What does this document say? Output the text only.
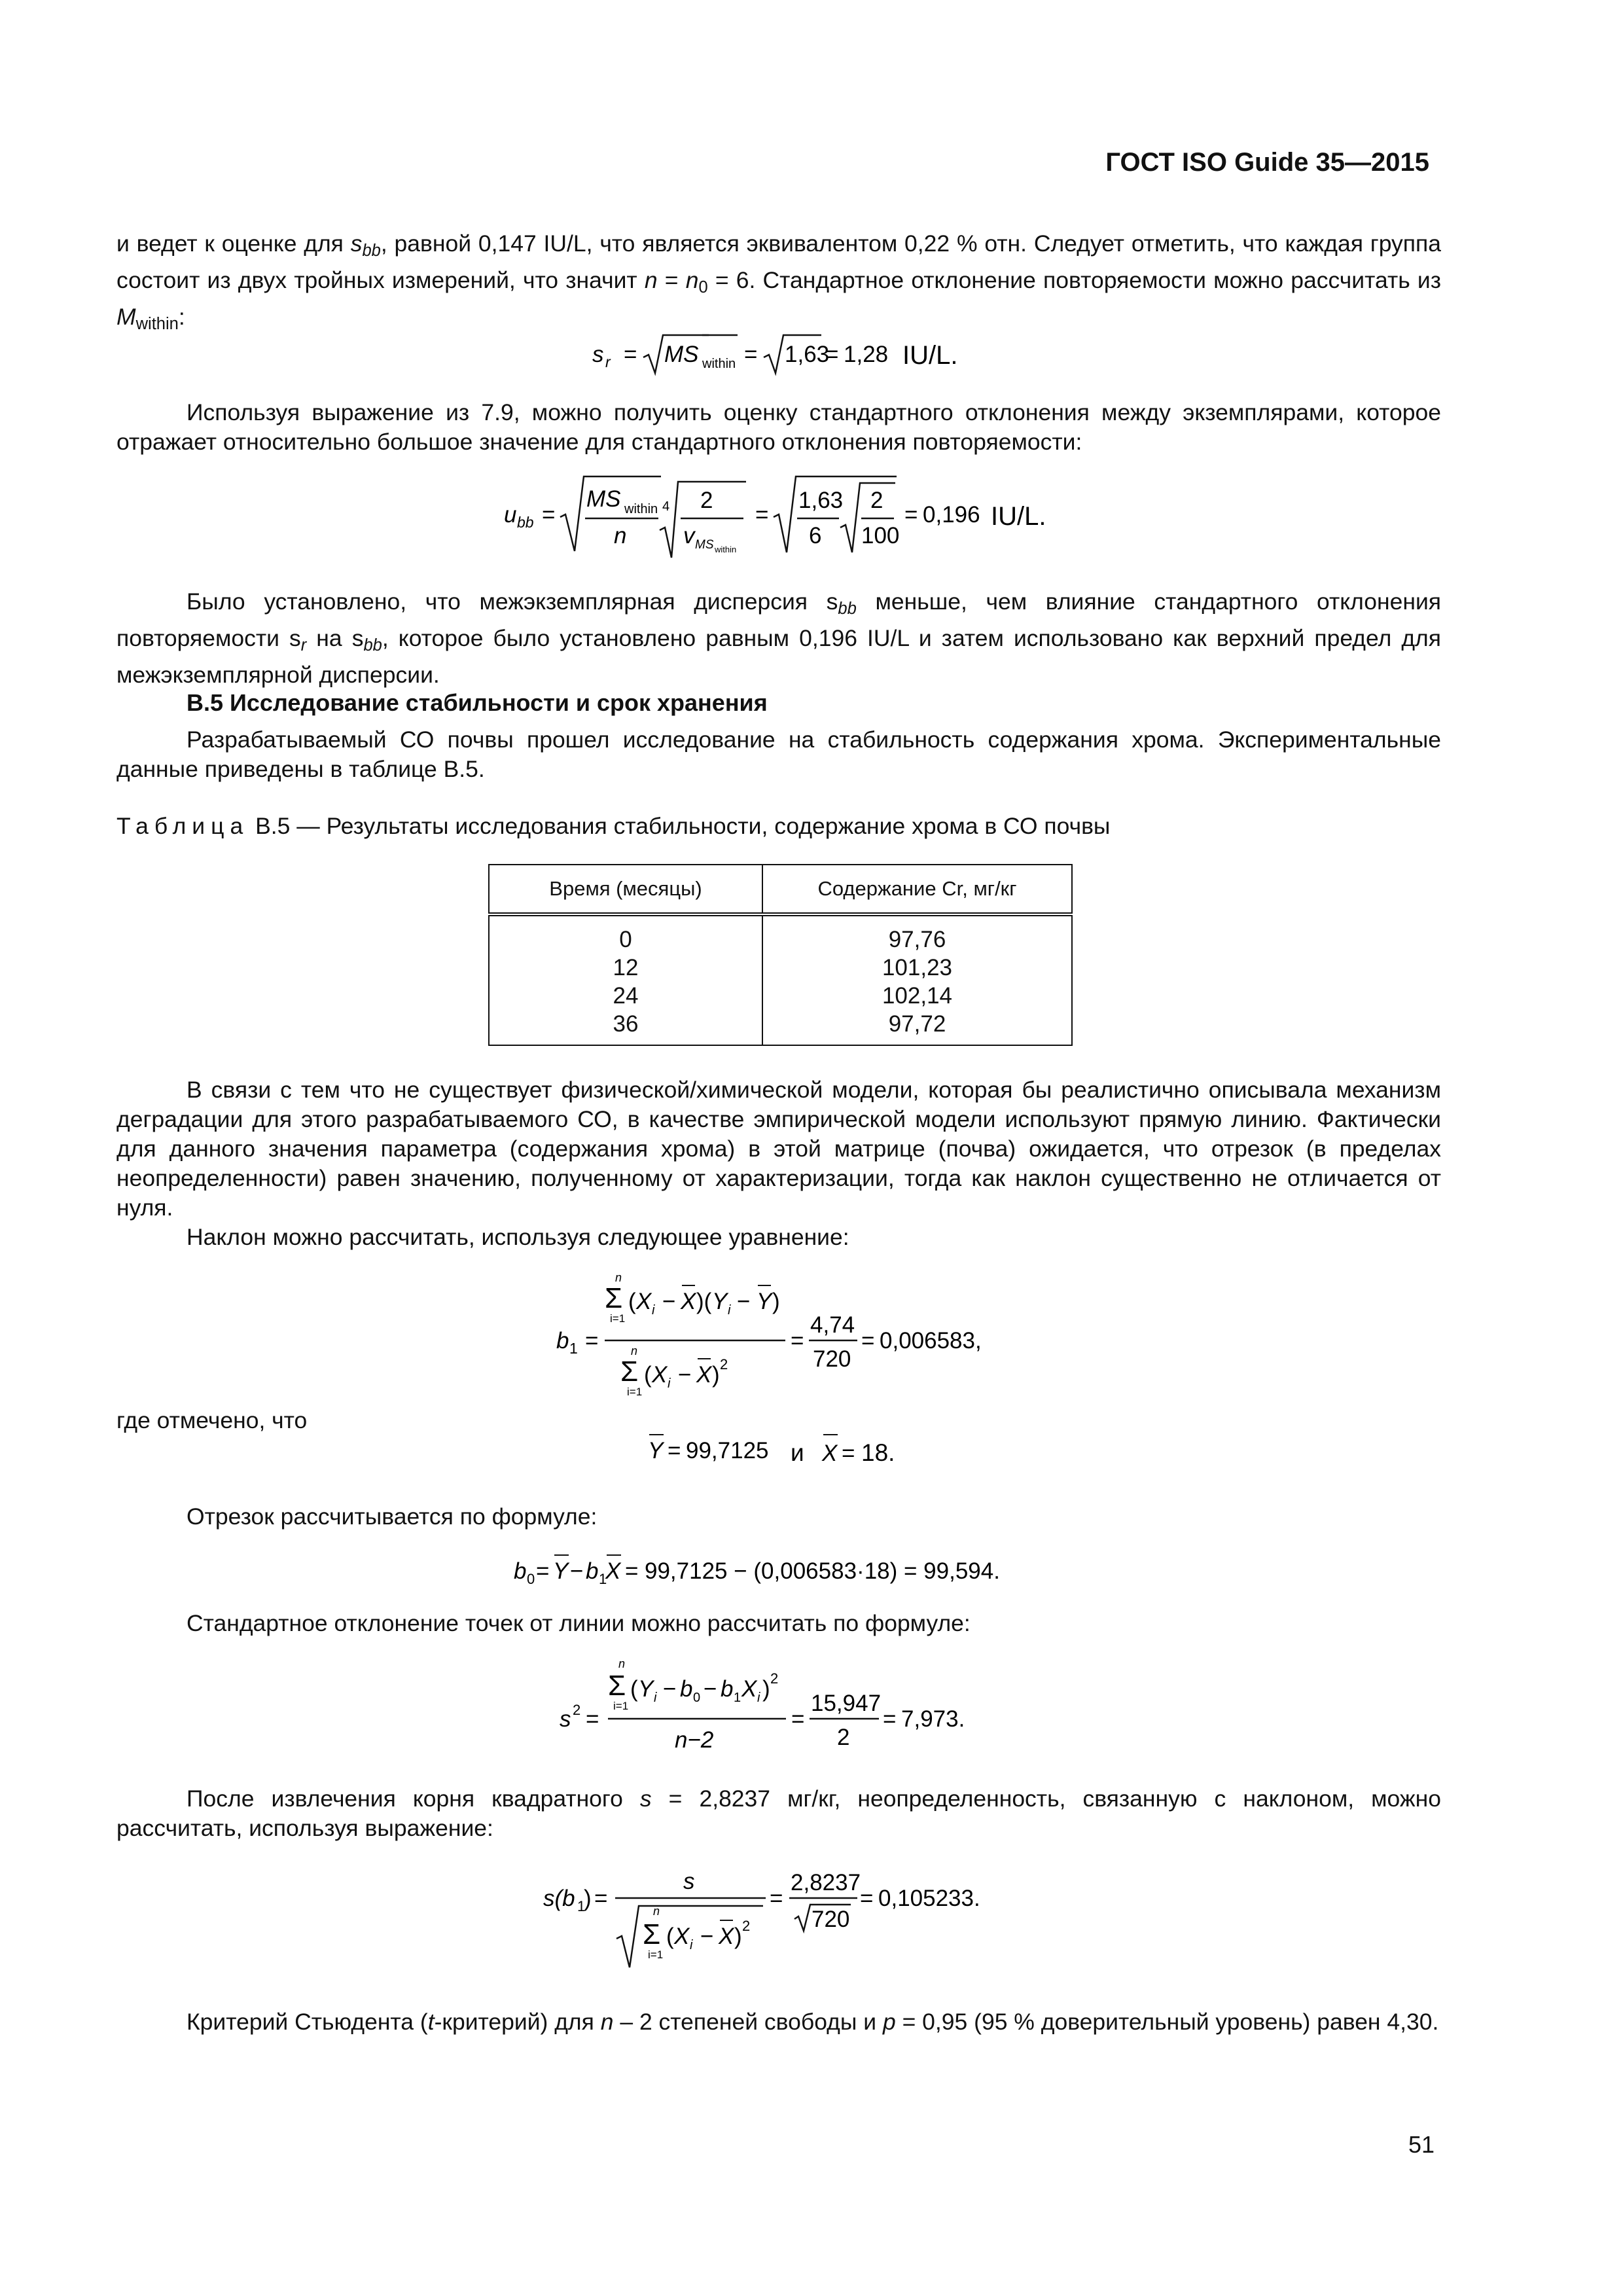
ГОСТ ISO Guide 35—2015

и ведет к оценке для $s_{bb}$, равной 0,147 IU/L, что является эквивалентом 0,22 % отн. Следует отметить, что каждая группа состоит из двух тройных измерений, что значит $n = n_0 = 6$. Стандартное отклонение повторяемости можно рассчитать из $M_{within}$:

s r = MS within = 1,63
= 1,28 IU/L.

Используя выражение из 7.9, можно получить оценку стандартного отклонения между экземплярами, которое отражает относительно большое значение для стандартного отклонения повторяемости:

u bb =
MS within
n
4 2
v MS within
=
1,63
6
2
100
= 0,196 IU/L.

Было установлено, что межэкземплярная дисперсия $s_{bb}$ меньше, чем влияние стандартного отклонения повторяемости $s_r$ на $s_{bb}$, которое было установлено равным 0,196 IU/L и затем использовано как верхний предел для межэкземплярной дисперсии.

В.5 Исследование стабильности и срок хранения

Разрабатываемый СО почвы прошел исследование на стабильность содержания хрома. Экспериментальные данные приведены в таблице В.5.

Таблица В.5 — Результаты исследования стабильности, содержание хрома в СО почвы
Время (месяцы)	Содержание Cr, мг/кг
0	97,76
12	101,23
24	102,14
36	97,72

В связи с тем что не существует физической/химической модели, которая бы реалистично описывала механизм деградации для этого разрабатываемого СО, в качестве эмпирической модели используют прямую линию. Фактически для данного значения параметра (содержания хрома) в этой матрице (почва) ожидается, что отрезок (в пределах неопределенности) равен значению, полученному от характеризации, тогда как наклон существенно не отличается от нуля.

Наклон можно рассчитать, используя следующее уравнение:

b 1 =
n
Σ
i=1
( X i − X )( Y i − Y )
n
Σ
i=1
( X i − X ) 2
=
4,74
720
= 0,006583,

где отмечено, что

Y = 99,7125 и X = 18.

Отрезок рассчитывается по формуле:

b 0 = Y − b 1
X = 99,7125 − (0,006583·18) = 99,594.

Стандартное отклонение точек от линии можно рассчитать по формуле:

s 2 =
n
Σ
i=1
( Y i − b 0 − b 1 X i ) 2
n−2
=
15,947
2
= 7,973.

После извлечения корня квадратного s = 2,8237 мг/кг, неопределенность, связанную с наклоном, можно рассчитать, используя выражение:

s(b 1
) =
s
n
Σ
i=1
( X i − X ) 2
=
2,8237
720
= 0,105233.

Критерий Стьюдента (t-критерий) для n – 2 степеней свободы и p = 0,95 (95 % доверительный уровень) равен 4,30.

51
